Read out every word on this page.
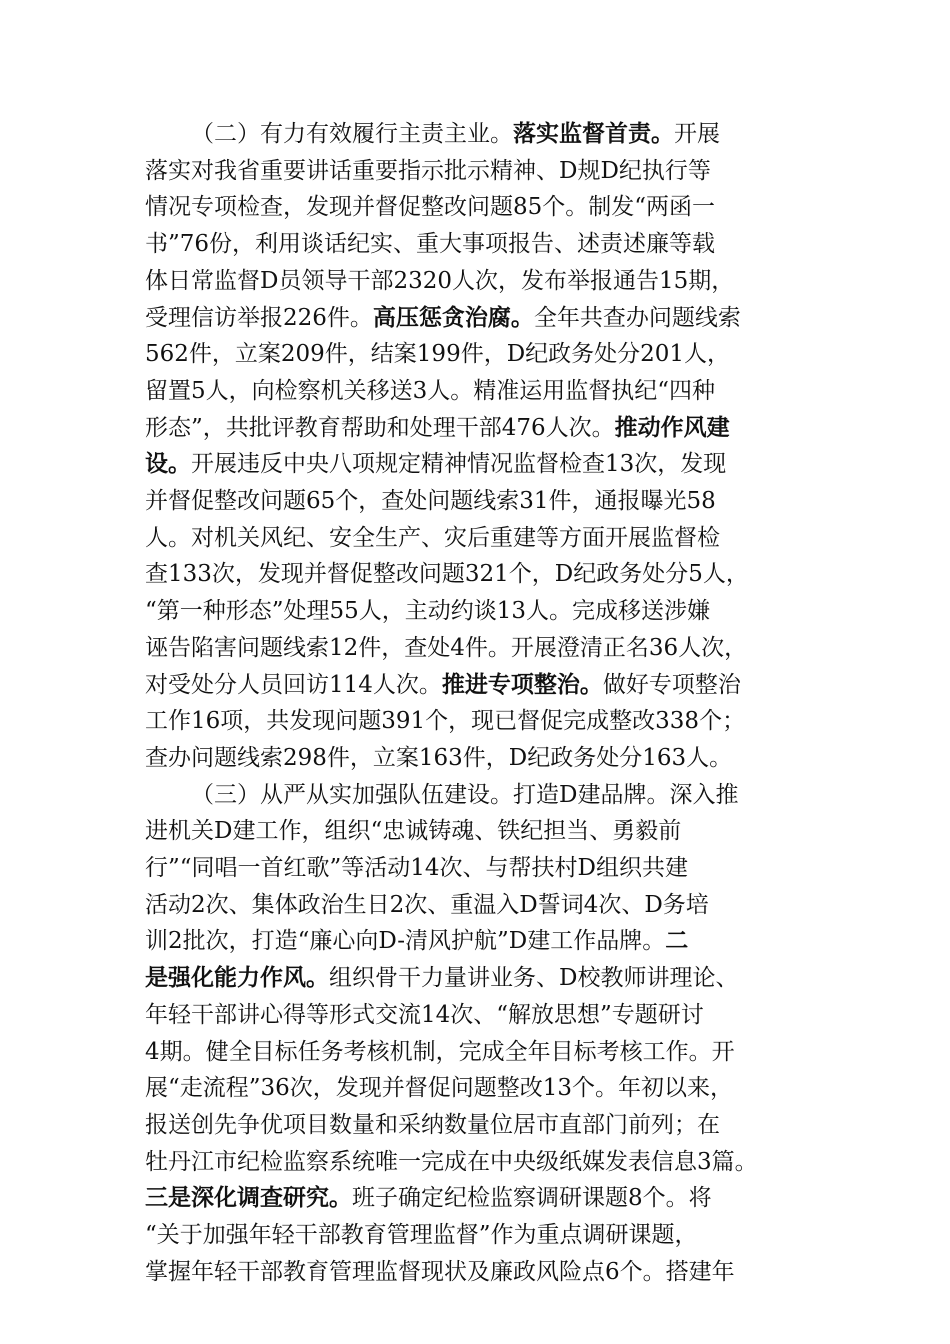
（二）有力有效履行主责主业。落实监督首责。开展
落实对我省重要讲话重要指示批示精神、D规D纪执行等
情况专项检查，发现并督促整改问题85个。制发“两函一
书”76份，利用谈话纪实、重大事项报告、述责述廉等载
体日常监督D员领导干部2320人次，发布举报通告15期，
受理信访举报226件。高压惩贪治腐。全年共查办问题线索
562件，立案209件，结案199件，D纪政务处分201人，
留置5人，向检察机关移送3人。精准运用监督执纪“四种
形态”，共批评教育帮助和处理干部476人次。推动作风建
设。开展违反中央八项规定精神情况监督检查13次，发现
并督促整改问题65个，查处问题线索31件，通报曝光58
人。对机关风纪、安全生产、灾后重建等方面开展监督检
查133次，发现并督促整改问题321个，D纪政务处分5人，
“第一种形态”处理55人，主动约谈13人。完成移送涉嫌
诬告陷害问题线索12件，查处4件。开展澄清正名36人次，
对受处分人员回访114人次。推进专项整治。做好专项整治
工作16项，共发现问题391个，现已督促完成整改338个；
查办问题线索298件，立案163件，D纪政务处分163人。
（三）从严从实加强队伍建设。打造D建品牌。深入推
进机关D建工作，组织“忠诚铸魂、铁纪担当、勇毅前
行”“同唱一首红歌”等活动14次、与帮扶村D组织共建
活动2次、集体政治生日2次、重温入D誓词4次、D务培
训2批次，打造“廉心向D-清风护航”D建工作品牌。二
是强化能力作风。组织骨干力量讲业务、D校教师讲理论、
年轻干部讲心得等形式交流14次、“解放思想”专题研讨
4期。健全目标任务考核机制，完成全年目标考核工作。开
展“走流程”36次，发现并督促问题整改13个。年初以来，
报送创先争优项目数量和采纳数量位居市直部门前列；在
牡丹江市纪检监察系统唯一完成在中央级纸媒发表信息3篇。
三是深化调查研究。班子确定纪检监察调研课题8个。将
“关于加强年轻干部教育管理监督”作为重点调研课题，
掌握年轻干部教育管理监督现状及廉政风险点6个。搭建年
